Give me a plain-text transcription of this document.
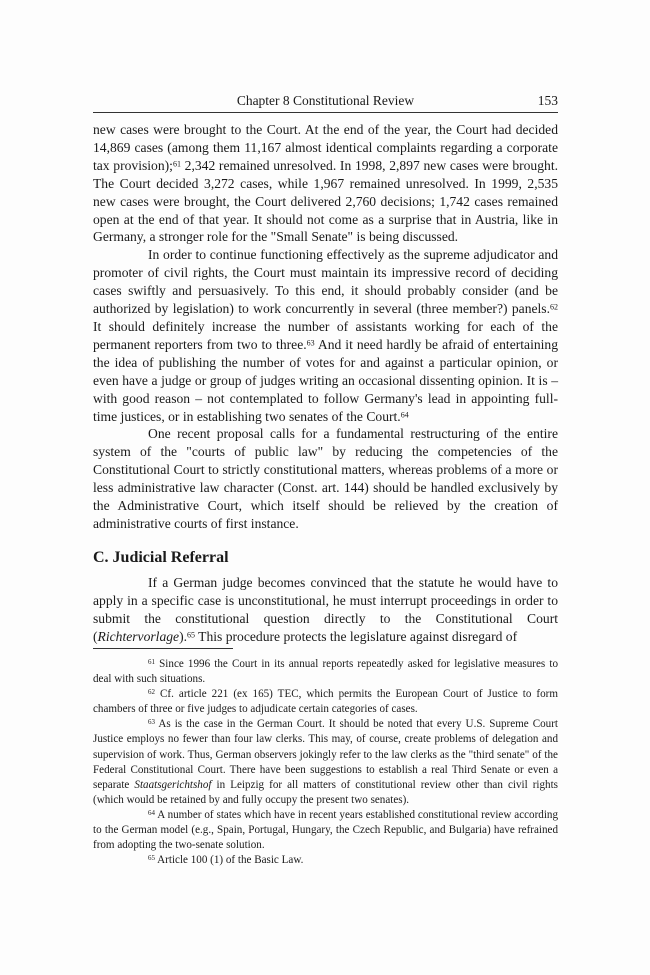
Chapter 8 Constitutional Review	153

new cases were brought to the Court. At the end of the year, the Court had decided 14,869 cases (among them 11,167 almost identical complaints regarding a corporate tax provision);$^{61}$ 2,342 remained unresolved. In 1998, 2,897 new cases were brought. The Court decided 3,272 cases, while 1,967 remained unresolved. In 1999, 2,535 new cases were brought, the Court delivered 2,760 decisions; 1,742 cases remained open at the end of that year. It should not come as a surprise that in Austria, like in Germany, a stronger role for the "Small Senate" is being discussed.

In order to continue functioning effectively as the supreme adjudicator and promoter of civil rights, the Court must maintain its impressive record of deciding cases swiftly and persuasively. To this end, it should probably consider (and be authorized by legislation) to work concurrently in several (three member?) panels.$^{62}$ It should definitely increase the number of assistants working for each of the permanent reporters from two to three.$^{63}$ And it need hardly be afraid of entertaining the idea of publishing the number of votes for and against a particular opinion, or even have a judge or group of judges writing an occasional dissenting opinion. It is – with good reason – not contemplated to follow Germany's lead in appointing full-time justices, or in establishing two senates of the Court.$^{64}$

One recent proposal calls for a fundamental restructuring of the entire system of the "courts of public law" by reducing the competencies of the Constitutional Court to strictly constitutional matters, whereas problems of a more or less administrative law character (Const. art. 144) should be handled exclusively by the Administrative Court, which itself should be relieved by the creation of administrative courts of first instance.

C. Judicial Referral

If a German judge becomes convinced that the statute he would have to apply in a specific case is unconstitutional, he must interrupt proceedings in order to submit the constitutional question directly to the Constitutional Court (Richtervorlage).$^{65}$ This procedure protects the legislature against disregard of

$^{61}$ Since 1996 the Court in its annual reports repeatedly asked for legislative measures to deal with such situations.

$^{62}$ Cf. article 221 (ex 165) TEC, which permits the European Court of Justice to form chambers of three or five judges to adjudicate certain categories of cases.

$^{63}$ As is the case in the German Court. It should be noted that every U.S. Supreme Court Justice employs no fewer than four law clerks. This may, of course, create problems of delegation and supervision of work. Thus, German observers jokingly refer to the law clerks as the "third senate" of the Federal Constitutional Court. There have been suggestions to establish a real Third Senate or even a separate Staatsgerichtshof in Leipzig for all matters of constitutional review other than civil rights (which would be retained by and fully occupy the present two senates).

$^{64}$ A number of states which have in recent years established constitutional review according to the German model (e.g., Spain, Portugal, Hungary, the Czech Republic, and Bulgaria) have refrained from adopting the two-senate solution.

$^{65}$ Article 100 (1) of the Basic Law.
